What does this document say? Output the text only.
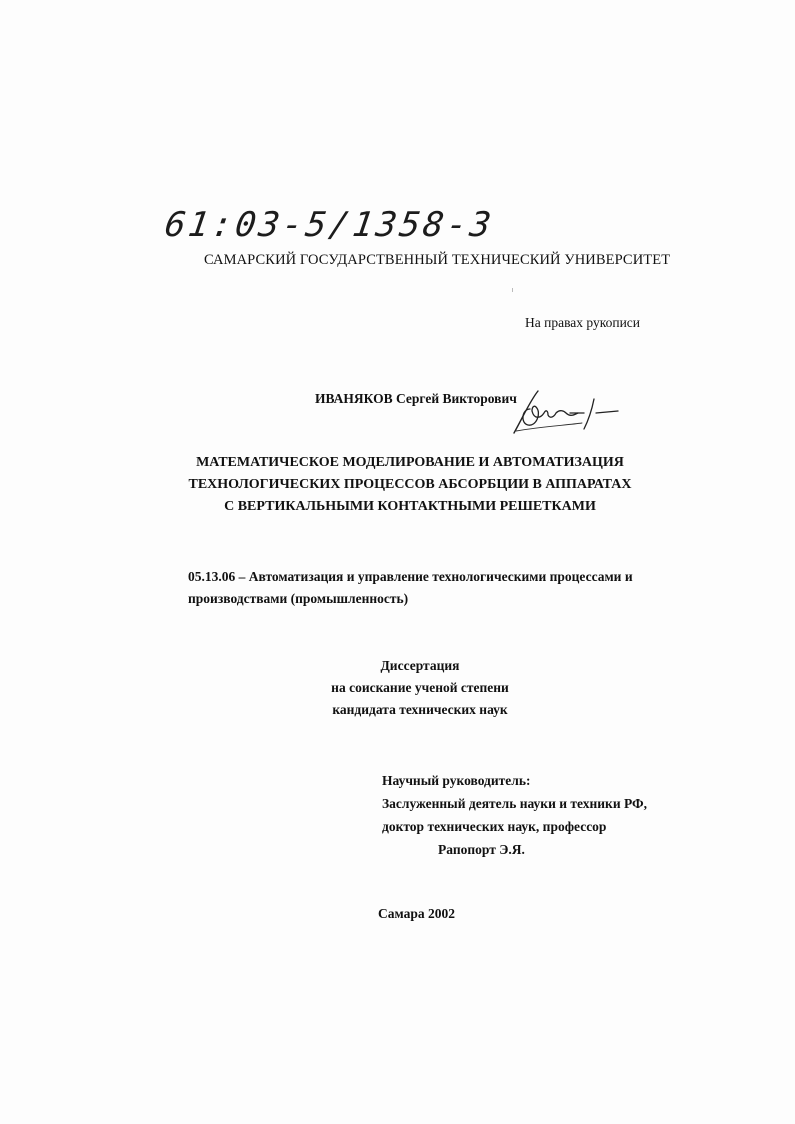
61:03-5/1358-3
САМАРСКИЙ ГОСУДАРСТВЕННЫЙ ТЕХНИЧЕСКИЙ УНИВЕРСИТЕТ
На правах рукописи
ИВАНЯКОВ Сергей Викторович
МАТЕМАТИЧЕСКОЕ МОДЕЛИРОВАНИЕ И АВТОМАТИЗАЦИЯ
ТЕХНОЛОГИЧЕСКИХ ПРОЦЕССОВ АБСОРБЦИИ В АППАРАТАХ
С ВЕРТИКАЛЬНЫМИ КОНТАКТНЫМИ РЕШЕТКАМИ
05.13.06 – Автоматизация и управление технологическими процессами и
производствами (промышленность)
Диссертация
на соискание ученой степени
кандидата технических наук
Научный руководитель:
Заслуженный деятель науки и техники РФ,
доктор технических наук, профессор
Рапопорт Э.Я.
Самара 2002
